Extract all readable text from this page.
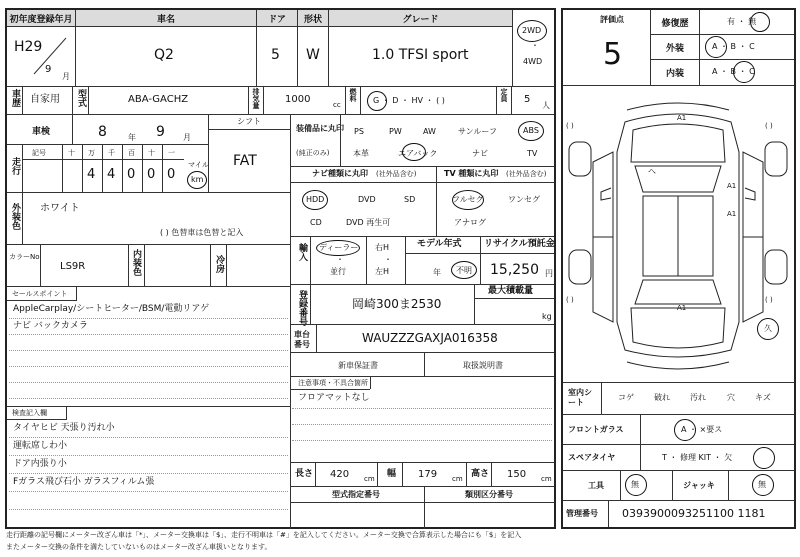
初年度登録年月	車名	ドア	形状	グレード
H29
9
月
Q2	5 W	1.0 TFSI sport
2WD
・
4WD
車歴 自家用 型式	ABA-GACHZ	排気量	1000	cc
燃料 G ・ D ・ HV ・ ( )	定員 5
人
車検	8	年 9 月
シフト
FAT
走行
記号	十 万 千 百 十 一
4 4 0 0 0
マイル
km
外装色 ホワイト
( ) 色替車は色替と記入
カラーNo.
LS9R	内装色	冷房
セールスポイント
AppleCarplay/シートヒーター/BSM/電動リアゲ
ナビ バックカメラ
検査記入欄
タイヤヒビ 天張り汚れ小
運転席しわ小
ドア内張り小
Fガラス飛び石小 ガラスフィルム張
装備品に丸印
(純正のみ)
PS	PW	AW	サンルーフ	ABS
本革	エアバック	ナビ	TV
ナビ種類に丸印 (社外品含む)	TV 種類に丸印 (社外品含む)
HDD	DVD	SD
CD	DVD 再生可
フルセグ	ワンセグ
アナログ
輸入 ディーラー
・
並行
右H
・
左H
モデル年式
年 不明
リサイクル預託金
15,250 円
登録番号	岡崎300ま2530
最大積載量
kg
車台番号	WAUZZZGAXJA016358
新車保証書	取扱説明書
注意事項・不具合箇所
フロアマットなし
長さ 420 cm 幅 179 cm 高さ 150 cm
型式指定番号	類別区分番号
評価点
5
修復歴	有 ・ 無
外装	A ・ B ・ C
内装	A ・ B ・ C
( )	( )
( )	( )
A1
A1
A1
A1
ヘ
久
室内シート
コゲ	破れ	汚れ	穴	キズ
フロントガラス	A ・ ×要ス
スペアタイヤ	T ・ 修理 KIT ・ 欠
工具	無	ジャッキ	無
管理番号 0393900093251100 1181
走行距離の記号欄にメーター改ざん車は「*」、メーター交換車は「$」、走行不明車は「#」を記入してください。メーター交換で合算表示した場合にも「$」を記入
またメーター交換の条件を満たしていないものはメーター改ざん車扱いとなります。
